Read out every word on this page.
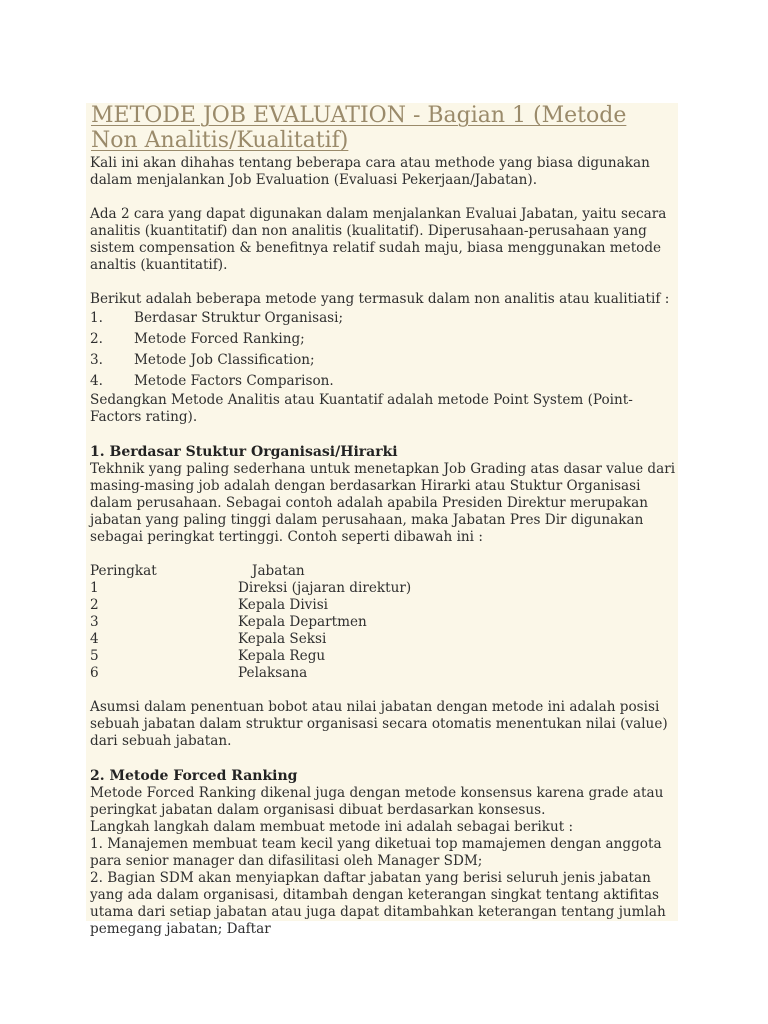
METODE JOB EVALUATION - Bagian 1 (Metode Non Analitis/Kualitatif)

Kali ini akan dihahas tentang beberapa cara atau methode yang biasa digunakan dalam menjalankan Job Evaluation (Evaluasi Pekerjaan/Jabatan).

Ada 2 cara yang dapat digunakan dalam menjalankan Evaluai Jabatan, yaitu secara analitis (kuantitatif) dan non analitis (kualitatif). Diperusahaan-perusahaan yang sistem compensation & benefitnya relatif sudah maju, biasa menggunakan metode analtis (kuantitatif).

Berikut adalah beberapa metode yang termasuk dalam non analitis atau kualitiatif :

1.	Berdasar Struktur Organisasi;
2.	Metode Forced Ranking;
3.	Metode Job Classification;
4.	Metode Factors Comparison.

Sedangkan Metode Analitis atau Kuantatif adalah metode Point System (Point-Factors rating).

1. Berdasar Stuktur Organisasi/Hirarki

Tekhnik yang paling sederhana untuk menetapkan Job Grading atas dasar value dari masing-masing job adalah dengan berdasarkan Hirarki atau Stuktur Organisasi dalam perusahaan. Sebagai contoh adalah apabila Presiden Direktur merupakan jabatan yang paling tinggi dalam perusahaan, maka Jabatan Pres Dir digunakan sebagai peringkat tertinggi. Contoh seperti dibawah ini :

Peringkat	Jabatan
1	Direksi (jajaran direktur)
2	Kepala Divisi
3	Kepala Departmen
4	Kepala Seksi
5	Kepala Regu
6	Pelaksana

Asumsi dalam penentuan bobot atau nilai jabatan dengan metode ini adalah posisi sebuah jabatan dalam struktur organisasi secara otomatis menentukan nilai (value) dari sebuah jabatan.

2. Metode Forced Ranking

Metode Forced Ranking dikenal juga dengan metode konsensus karena grade atau peringkat jabatan dalam organisasi dibuat berdasarkan konsesus.

Langkah langkah dalam membuat metode ini adalah sebagai berikut :

1. Manajemen membuat team kecil yang diketuai top mamajemen dengan anggota para senior manager dan difasilitasi oleh Manager SDM;

2. Bagian SDM akan menyiapkan daftar jabatan yang berisi seluruh jenis jabatan yang ada dalam organisasi, ditambah dengan keterangan singkat tentang aktifitas utama dari setiap jabatan atau juga dapat ditambahkan keterangan tentang jumlah pemegang jabatan; Daftar
